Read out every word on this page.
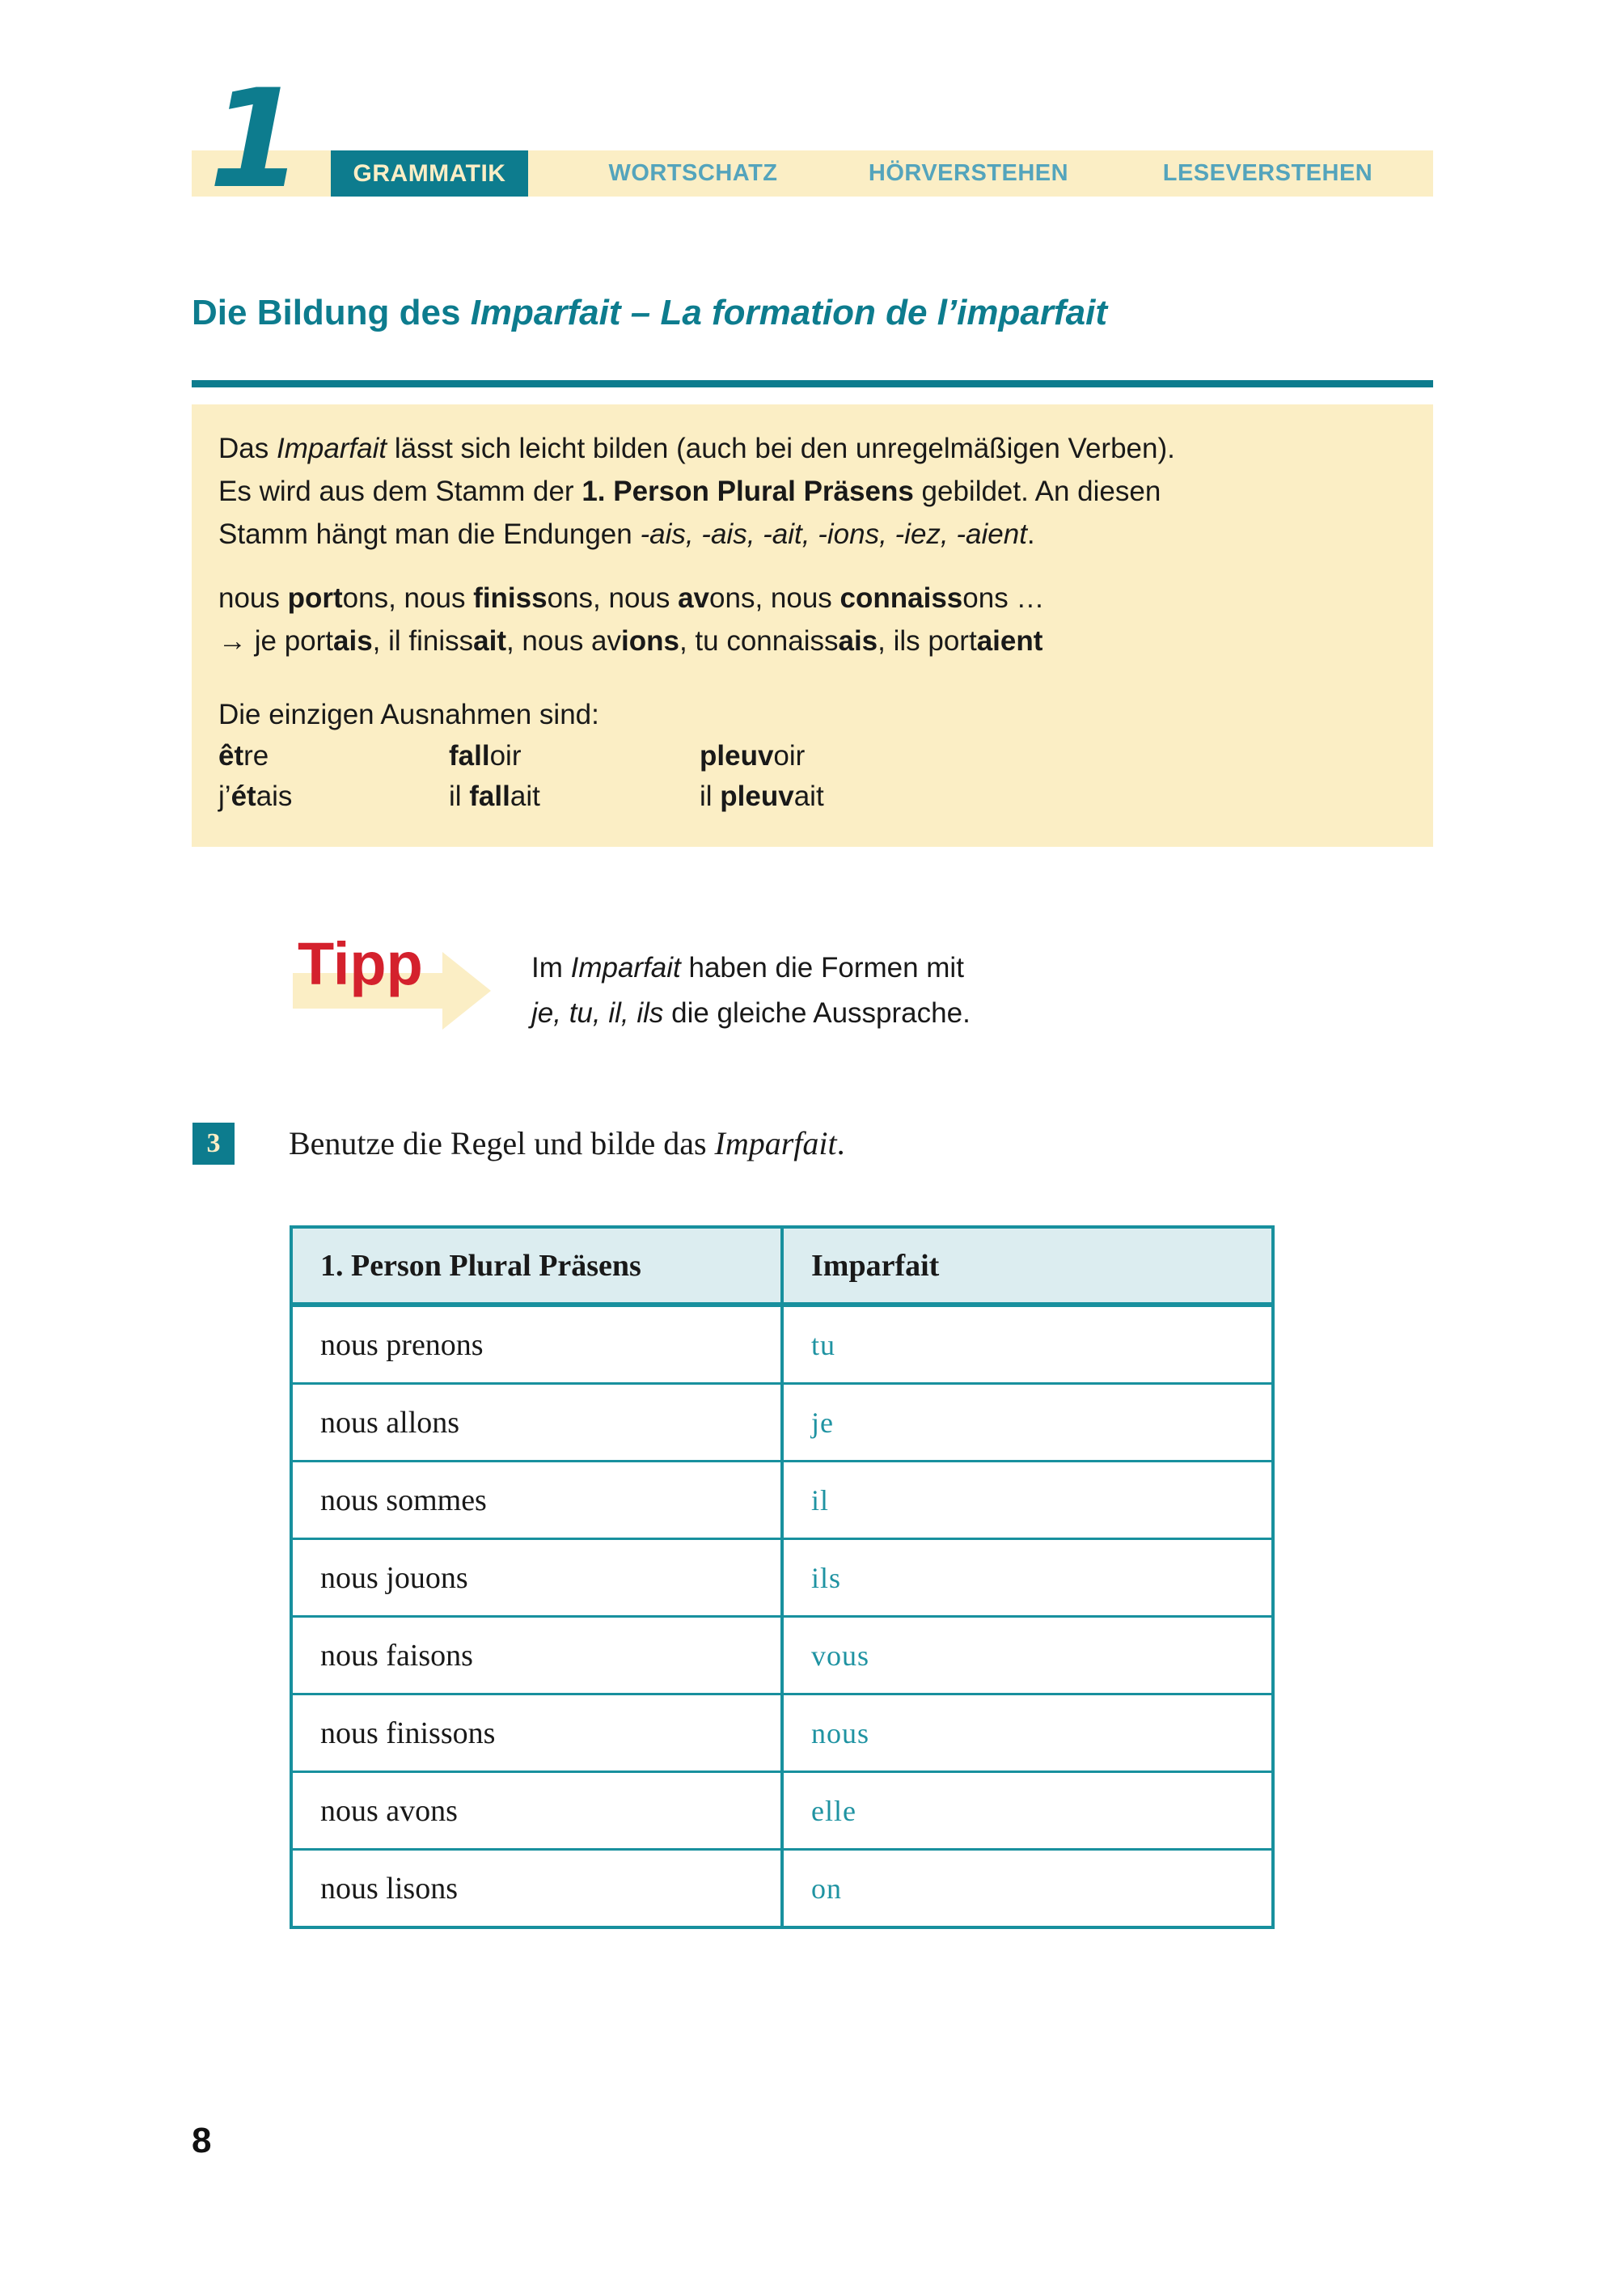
1	GRAMMATIK	WORTSCHATZ	HÖRVERSTEHEN	LESEVERSTEHEN
Die Bildung des Imparfait – La formation de l’imparfait

Das Imparfait lässt sich leicht bilden (auch bei den unregelmäßigen Verben).

Es wird aus dem Stamm der 1. Person Plural Präsens gebildet. An diesen

Stamm hängt man die Endungen -ais, -ais, -ait, -ions, -iez, -aient.

nous portons, nous finissons, nous avons, nous connaissons …

→ je portais, il finissait, nous avions, tu connaissais, ils portaient

Die einzigen Ausnahmen sind:

être	falloir	pleuvoir
j’étais	il fallait	il pleuvait
Tipp	Im Imparfait haben die Formen mit

je, tu, il, ils die gleiche Aussprache.

3	Benutze die Regel und bilde das Imparfait.
1. Person Plural Präsens	Imparfait
nous prenons	tu
nous allons	je
nous sommes	il
nous jouons	ils
nous faisons	vous
nous finissons	nous
nous avons	elle
nous lisons	on
8
